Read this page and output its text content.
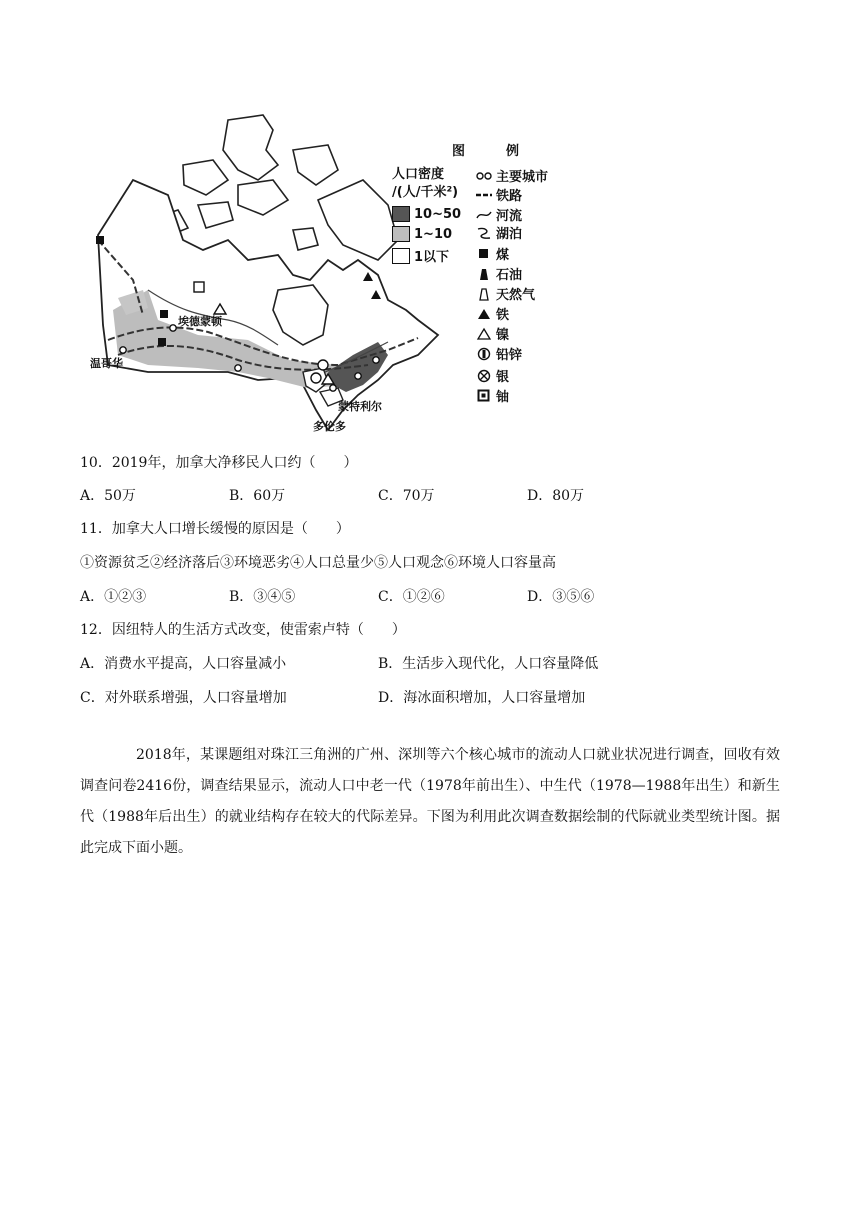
埃德蒙顿
温哥华
蒙特利尔
多伦多
图　例
人口密度
/(人/千米²)
10~50
1~10
1以下
主要城市
铁路
河流
湖泊
煤
石油
天然气
铁
镍
铅锌
银
铀
10．2019年，加拿大净移民人口约（　　）
A．50万	B．60万	C．70万	D．80万
11．加拿大人口增长缓慢的原因是（　　）
①资源贫乏②经济落后③环境恶劣④人口总量少⑤人口观念⑥环境人口容量高
A．①②③	B．③④⑤	C．①②⑥	D．③⑤⑥
12．因纽特人的生活方式改变，使雷索卢特（　　）
A．消费水平提高，人口容量减小	B．生活步入现代化，人口容量降低
C．对外联系增强，人口容量增加	D．海冰面积增加，人口容量增加

2018年，某课题组对珠江三角洲的广州、深圳等六个核心城市的流动人口就业状况进行调查，回收有效调查问卷2416份，调查结果显示，流动人口中老一代（1978年前出生）、中生代（1978—1988年出生）和新生代（1988年后出生）的就业结构存在较大的代际差异。下图为利用此次调查数据绘制的代际就业类型统计图。据此完成下面小题。
